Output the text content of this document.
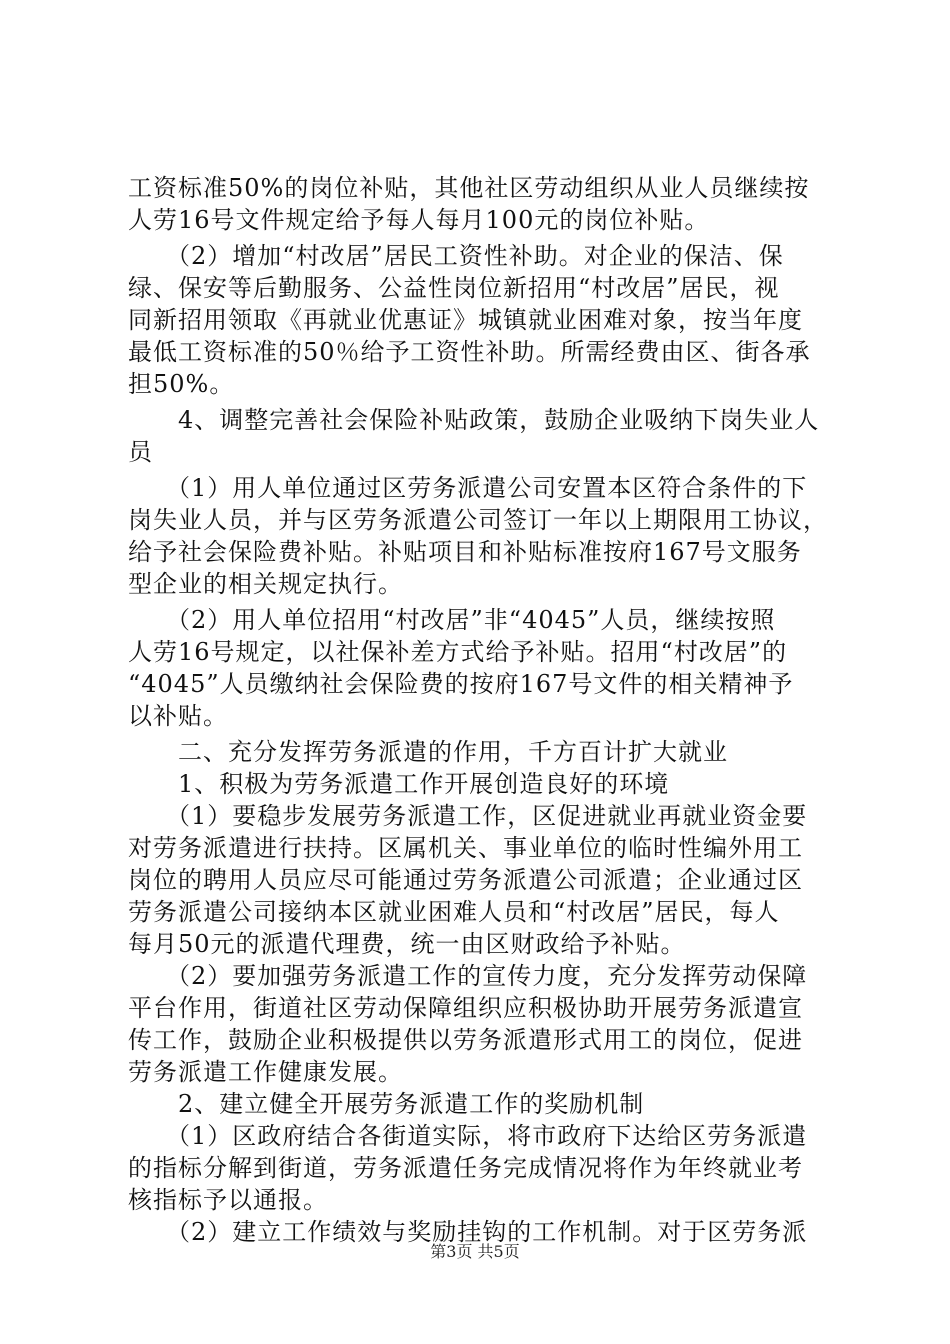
工资标准50%的岗位补贴，其他社区劳动组织从业人员继续按
人劳16号文件规定给予每人每月100元的岗位补贴。
　　（2）增加“村改居”居民工资性补助。对企业的保洁、保
绿、保安等后勤服务、公益性岗位新招用“村改居”居民，视
同新招用领取《再就业优惠证》城镇就业困难对象，按当年度
最低工资标准的50％给予工资性补助。所需经费由区、街各承
担50%。
　　4、调整完善社会保险补贴政策，鼓励企业吸纳下岗失业人
员
　　（1）用人单位通过区劳务派遣公司安置本区符合条件的下
岗失业人员，并与区劳务派遣公司签订一年以上期限用工协议，
给予社会保险费补贴。补贴项目和补贴标准按府167号文服务
型企业的相关规定执行。
　　（2）用人单位招用“村改居”非“4045”人员，继续按照
人劳16号规定，以社保补差方式给予补贴。招用“村改居”的
“4045”人员缴纳社会保险费的按府167号文件的相关精神予
以补贴。
　　二、充分发挥劳务派遣的作用，千方百计扩大就业
　　1、积极为劳务派遣工作开展创造良好的环境
　　（1）要稳步发展劳务派遣工作，区促进就业再就业资金要
对劳务派遣进行扶持。区属机关、事业单位的临时性编外用工
岗位的聘用人员应尽可能通过劳务派遣公司派遣；企业通过区
劳务派遣公司接纳本区就业困难人员和“村改居”居民，每人
每月50元的派遣代理费，统一由区财政给予补贴。
　　（2）要加强劳务派遣工作的宣传力度，充分发挥劳动保障
平台作用，街道社区劳动保障组织应积极协助开展劳务派遣宣
传工作，鼓励企业积极提供以劳务派遣形式用工的岗位，促进
劳务派遣工作健康发展。
　　2、建立健全开展劳务派遣工作的奖励机制
　　（1）区政府结合各街道实际，将市政府下达给区劳务派遣
的指标分解到街道，劳务派遣任务完成情况将作为年终就业考
核指标予以通报。
　　（2）建立工作绩效与奖励挂钩的工作机制。对于区劳务派
第3页 共5页
